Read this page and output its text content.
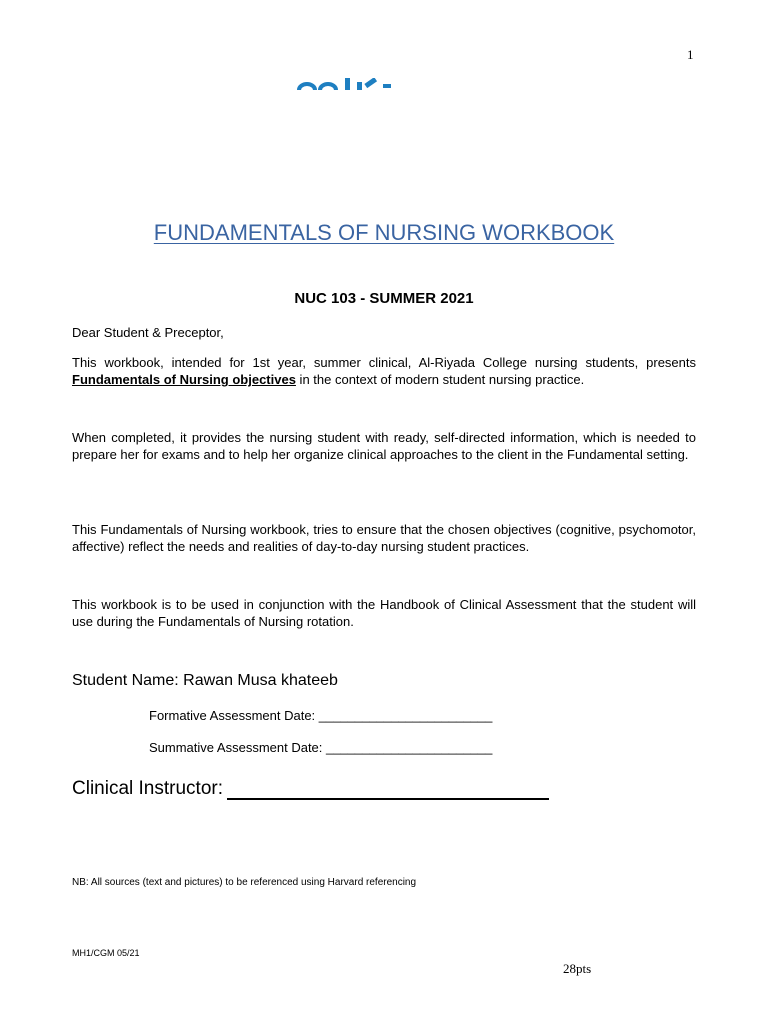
1
FUNDAMENTALS OF NURSING WORKBOOK
NUC 103 - SUMMER 2021
Dear Student & Preceptor,
This workbook, intended for 1st year, summer clinical, Al-Riyada College nursing students, presents Fundamentals of Nursing objectives in the context of modern student nursing practice.
When completed, it provides the nursing student with ready, self-directed information, which is needed to prepare her for exams and to help her organize clinical approaches to the client in the Fundamental setting.
This Fundamentals of Nursing workbook, tries to ensure that the chosen objectives (cognitive, psychomotor, affective) reflect the needs and realities of day-to-day nursing student practices.
This workbook is to be used in conjunction with the Handbook of Clinical Assessment that the student will use during the Fundamentals of Nursing rotation.
Student Name: Rawan Musa khateeb
Formative Assessment Date: ________________________
Summative Assessment Date: _______________________
Clinical Instructor:
NB: All sources (text and pictures) to be referenced using Harvard referencing
MH1/CGM 05/21
28pts
